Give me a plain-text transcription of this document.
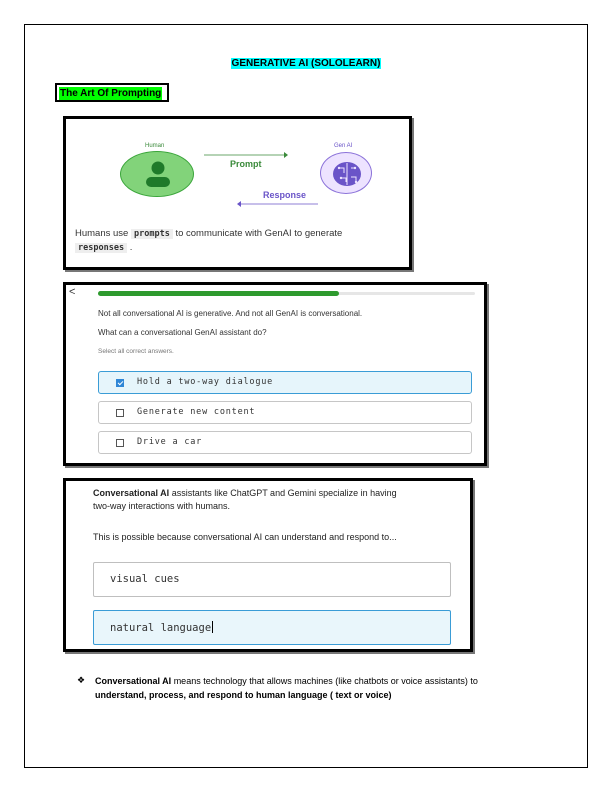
GENERATIVE AI (SOLOLEARN)
The Art Of Prompting
Human	Gen AI
Prompt
Response
Humans use prompts to communicate with GenAI to generate
responses .
<
Not all conversational AI is generative. And not all GenAI is conversational.
What can a conversational GenAI assistant do?
Select all correct answers.
Hold a two-way dialogue
Generate new content
Drive a car
Conversational AI assistants like ChatGPT and Gemini specialize in having
two-way interactions with humans.
This is possible because conversational AI can understand and respond to...
visual cues
natural language
❖ Conversational AI means technology that allows machines (like chatbots or voice assistants) to
understand, process, and respond to human language ( text or voice)
